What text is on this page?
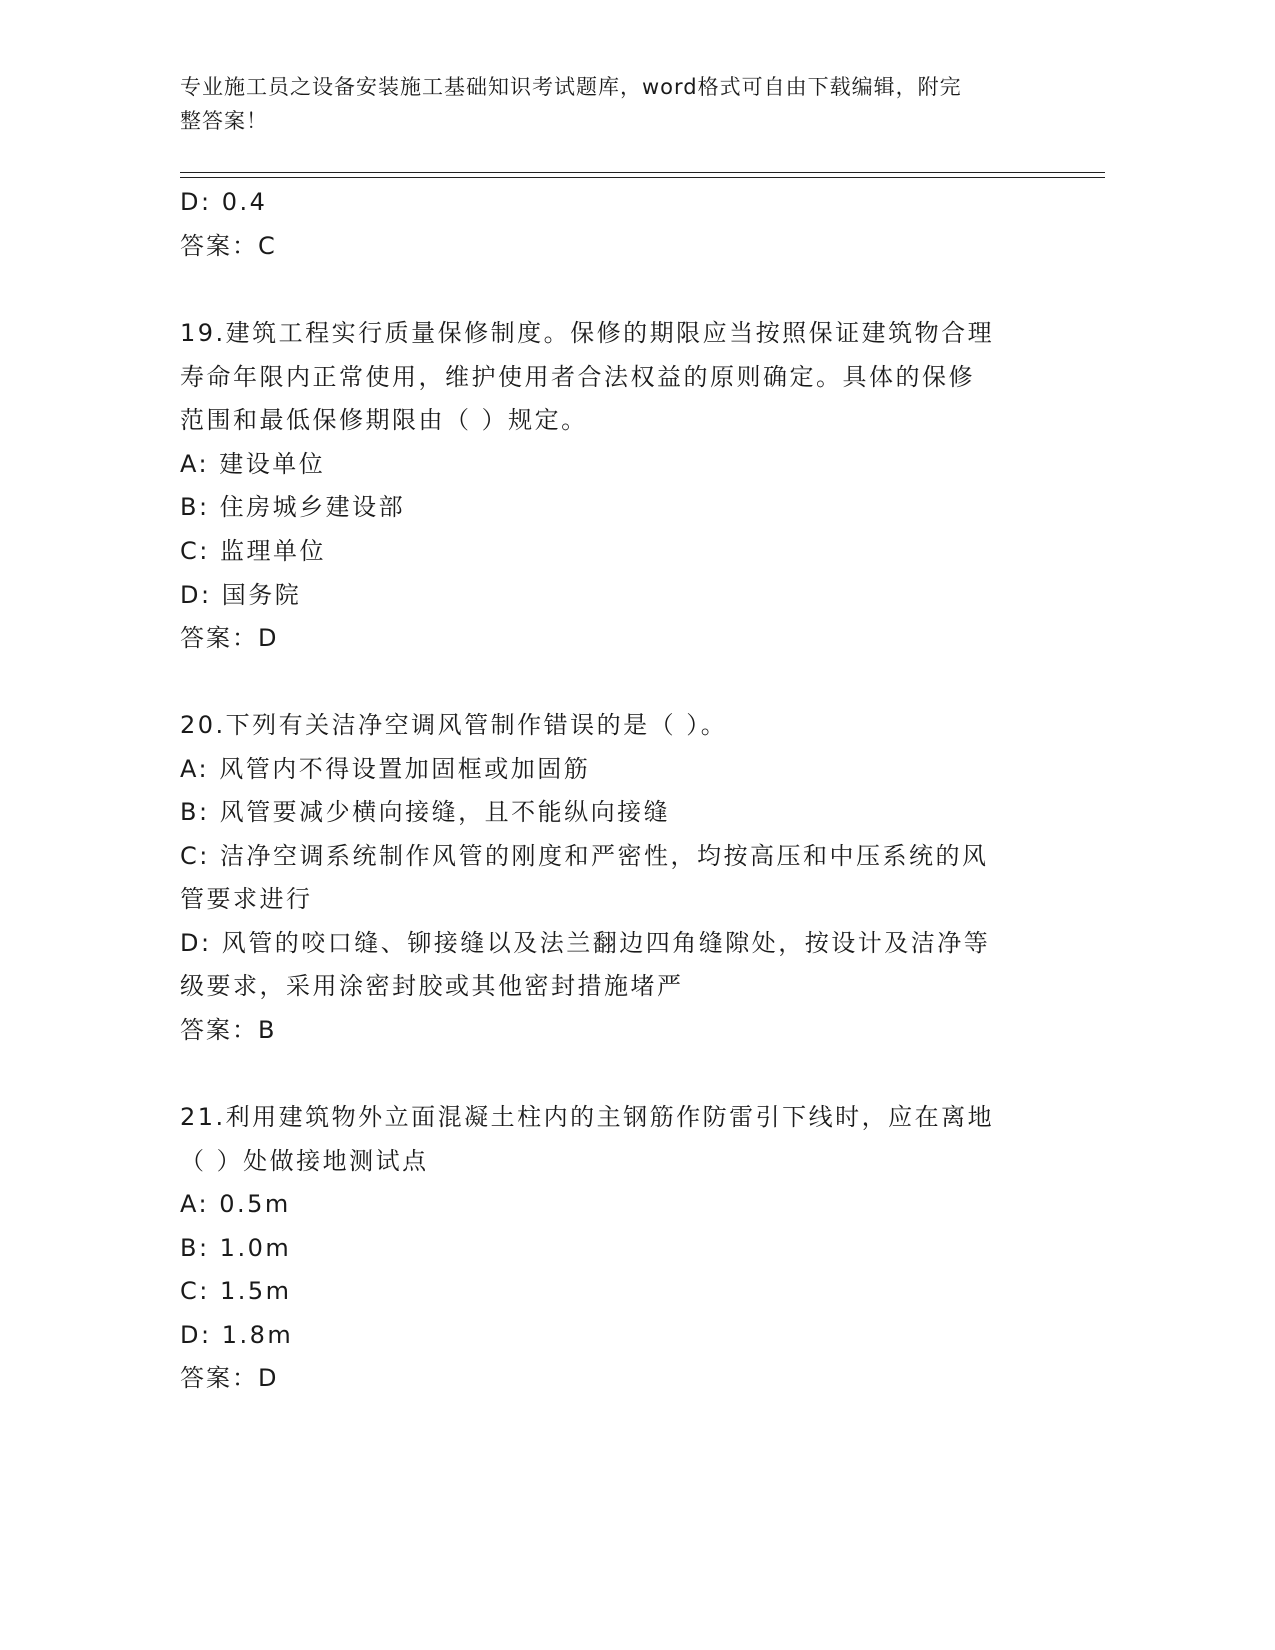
专业施工员之设备安装施工基础知识考试题库，word格式可自由下载编辑，附完
整答案！
D: 0.4
答案：C
19.建筑工程实行质量保修制度。保修的期限应当按照保证建筑物合理
寿命年限内正常使用，维护使用者合法权益的原则确定。具体的保修
范围和最低保修期限由（ ）规定。
A: 建设单位
B: 住房城乡建设部
C: 监理单位
D: 国务院
答案：D
20.下列有关洁净空调风管制作错误的是（ ）。
A: 风管内不得设置加固框或加固筋
B: 风管要减少横向接缝，且不能纵向接缝
C: 洁净空调系统制作风管的刚度和严密性，均按高压和中压系统的风
管要求进行
D: 风管的咬口缝、铆接缝以及法兰翻边四角缝隙处，按设计及洁净等
级要求，采用涂密封胶或其他密封措施堵严
答案：B
21.利用建筑物外立面混凝土柱内的主钢筋作防雷引下线时，应在离地
（ ）处做接地测试点
A: 0.5m
B: 1.0m
C: 1.5m
D: 1.8m
答案：D
